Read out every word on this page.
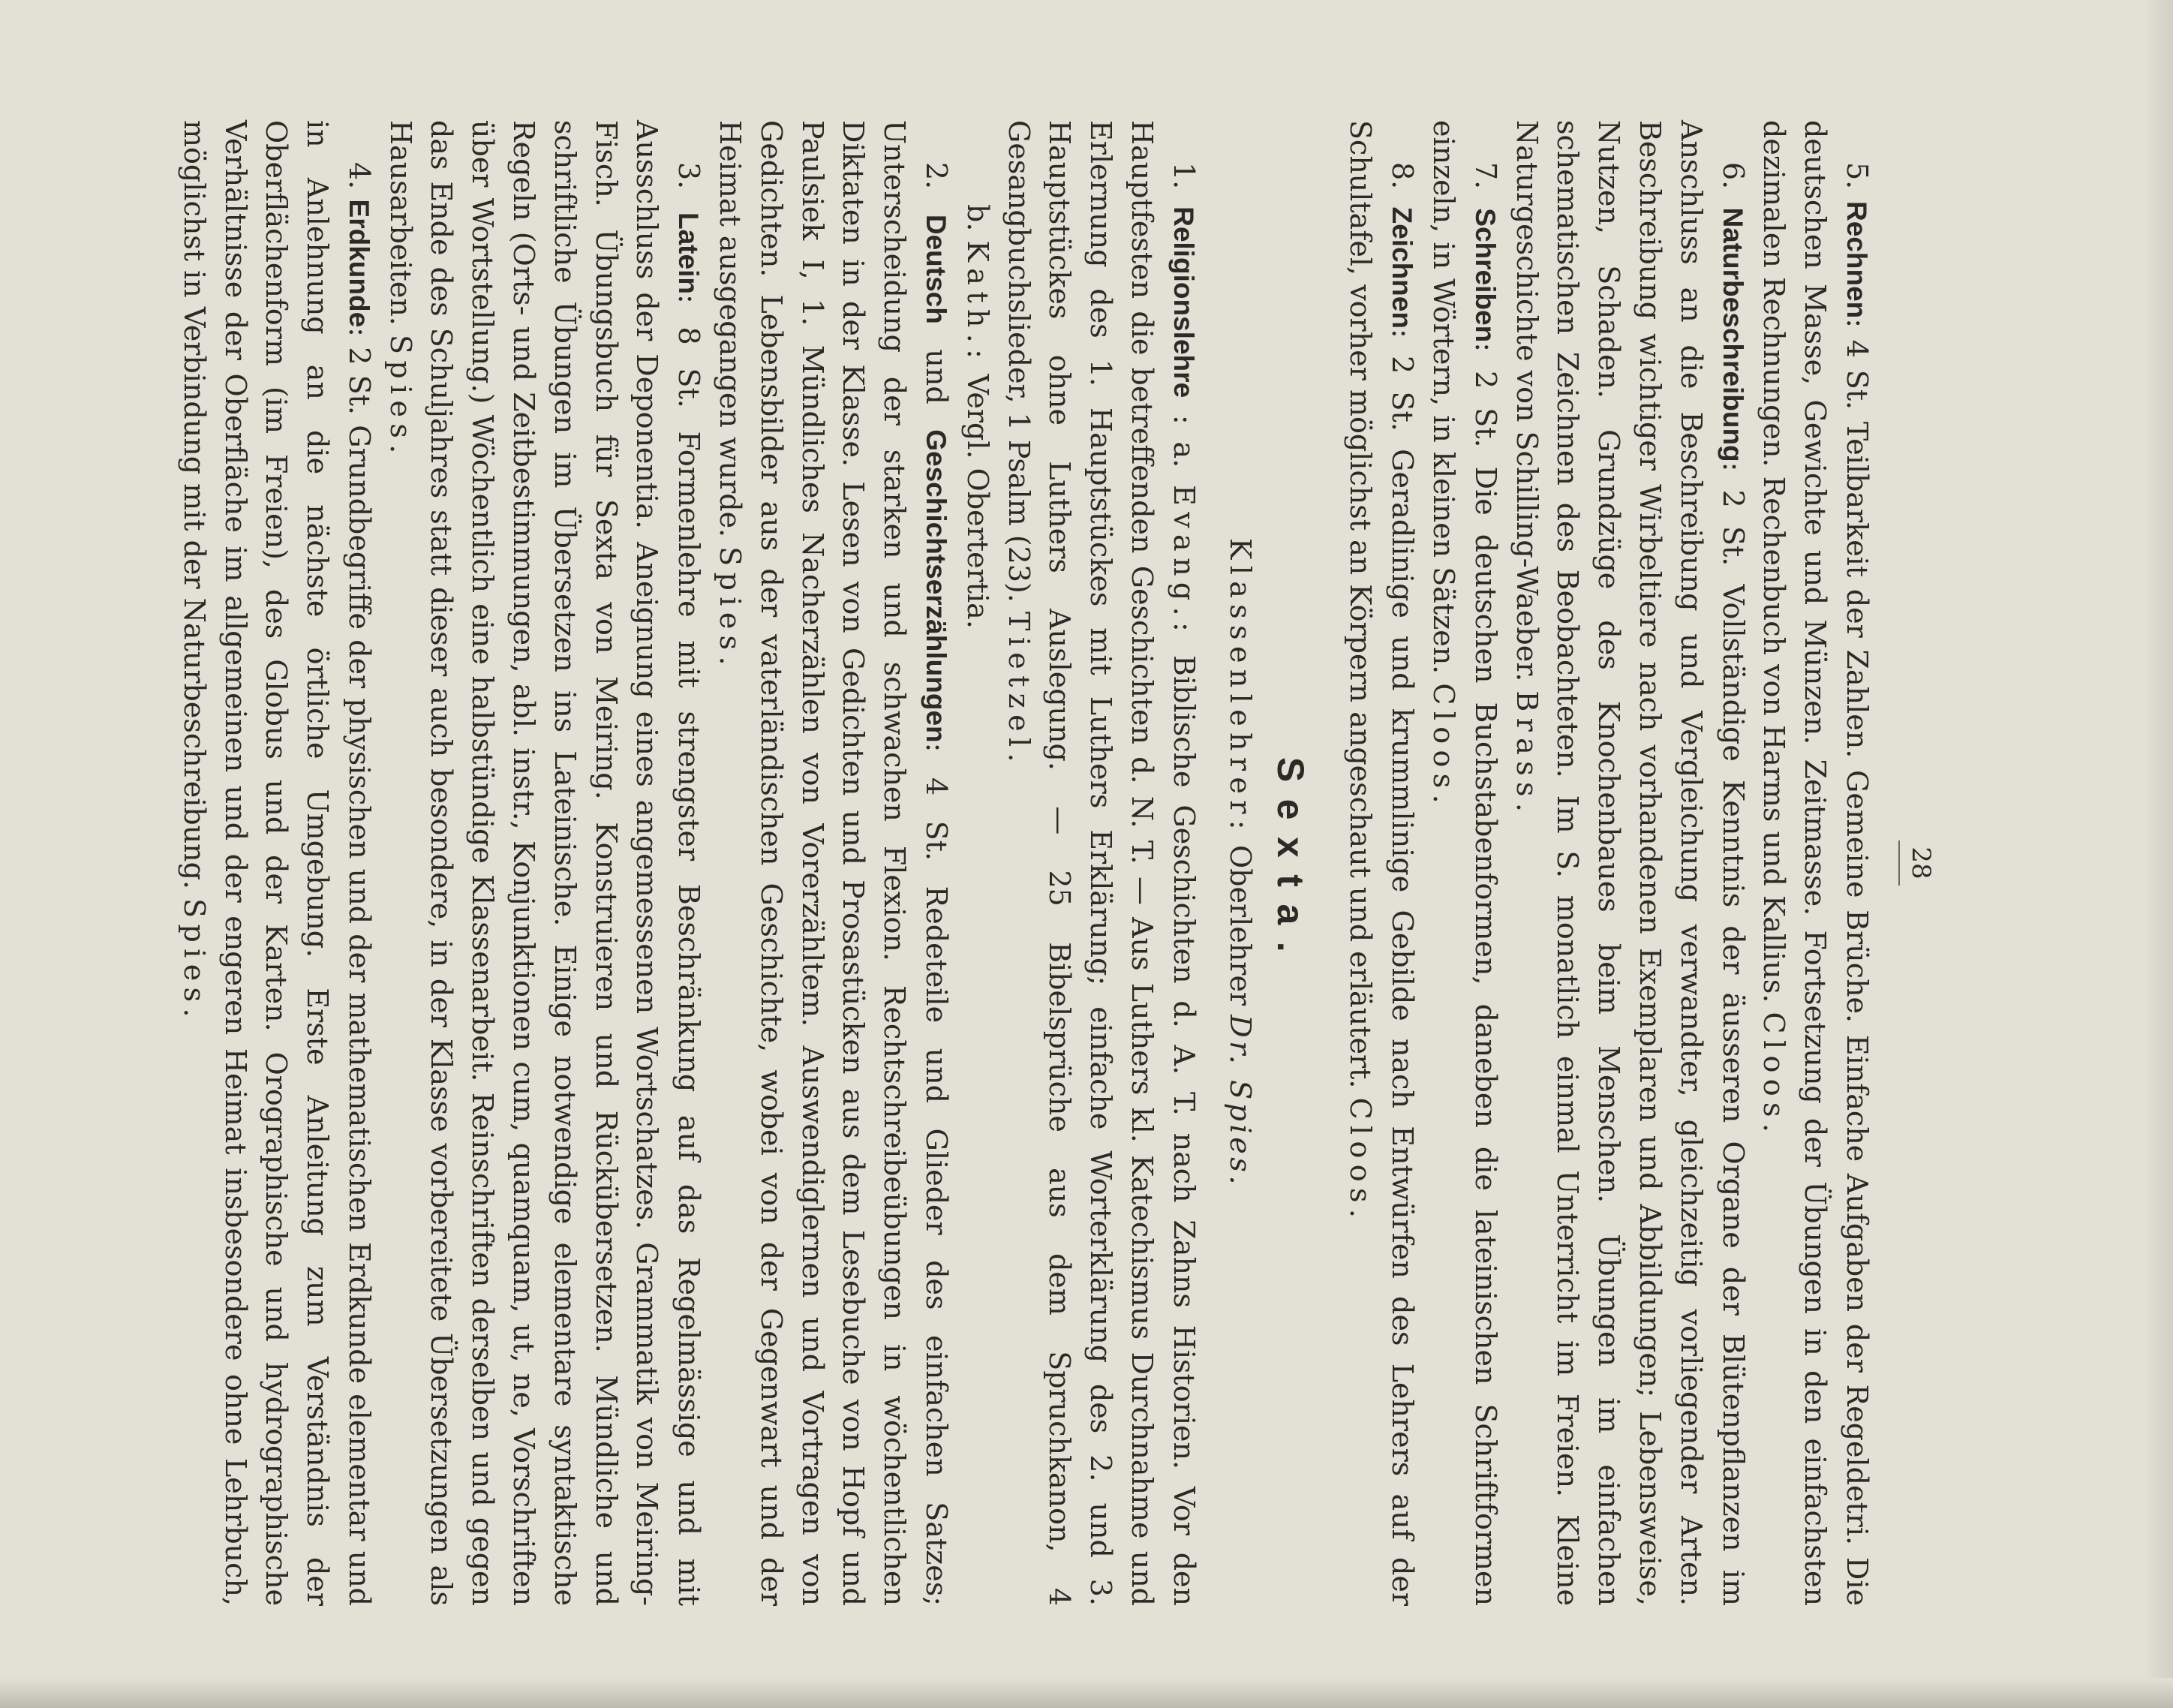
28

5. Rechnen: 4 St. Teilbarkeit der Zahlen. Gemeine Brüche. Einfache Aufgaben der Regeldetri. Die deutschen Masse, Gewichte und Münzen. Zeitmasse. Fortsetzung der Übungen in den einfachsten dezimalen Rechnungen. Rechenbuch von Harms und Kallius. Cloos.

6. Naturbeschreibung: 2 St. Vollständige Kenntnis der äusseren Organe der Blütenpflanzen im Anschluss an die Beschreibung und Vergleichung verwandter, gleichzeitig vorliegender Arten. Beschreibung wichtiger Wirbeltiere nach vorhandenen Exemplaren und Abbildungen; Lebensweise, Nutzen, Schaden. Grundzüge des Knochenbaues beim Menschen. Übungen im einfachen schematischen Zeichnen des Beobachteten. Im S. monatlich einmal Unterricht im Freien. Kleine Naturgeschichte von Schilling-Waeber. Brass.

7. Schreiben: 2 St. Die deutschen Buchstabenformen, daneben die lateinischen Schriftformen einzeln, in Wörtern, in kleinen Sätzen. Cloos.

8. Zeichnen: 2 St. Geradlinige und krummlinige Gebilde nach Entwürfen des Lehrers auf der Schultafel, vorher möglichst an Körpern angeschaut und erläutert. Cloos.

Sexta.
Klassenlehrer: Oberlehrer Dr. Spies.

1. Religionslehre : a. Evang.: Biblische Geschichten d. A. T. nach Zahns Historien. Vor den Hauptfesten die betreffenden Geschichten d. N. T. — Aus Luthers kl. Katechismus Durchnahme und Erlernung des 1. Hauptstückes mit Luthers Erklärung; einfache Worterklärung des 2. und 3. Hauptstückes ohne Luthers Auslegung. — 25 Bibelsprüche aus dem Spruchkanon, 4 Gesangbuchslieder, 1 Psalm (23). Tietzel.

b. Kath.: Vergl. Obertertia.

2. Deutsch und Geschichtserzählungen: 4 St. Redeteile und Glieder des einfachen Satzes; Unterscheidung der starken und schwachen Flexion. Rechtschreibeübungen in wöchentlichen Diktaten in der Klasse. Lesen von Gedichten und Prosastücken aus dem Lesebuche von Hopf und Paulsiek I, 1. Mündliches Nacherzählen von Vorerzähltem. Auswendiglernen und Vortragen von Gedichten. Lebensbilder aus der vaterländischen Geschichte, wobei von der Gegenwart und der Heimat ausgegangen wurde. Spies.

3. Latein: 8 St. Formenlehre mit strengster Beschränkung auf das Regelmässige und mit Ausschluss der Deponentia. Aneignung eines angemessenen Wortschatzes. Grammatik von Meiring-Fisch. Übungsbuch für Sexta von Meiring. Konstruieren und Rückübersetzen. Mündliche und schriftliche Übungen im Übersetzen ins Lateinische. Einige notwendige elementare syntaktische Regeln (Orts- und Zeitbestimmungen, abl. instr., Konjunktionen cum, quamquam, ut, ne, Vorschriften über Wortstellung.) Wöchentlich eine halbstündige Klassenarbeit. Reinschriften derselben und gegen das Ende des Schuljahres statt dieser auch besondere, in der Klasse vorbereitete Übersetzungen als Hausarbeiten. Spies.

4. Erdkunde: 2 St. Grundbegriffe der physischen und der mathematischen Erdkunde elementar und in Anlehnung an die nächste örtliche Umgebung. Erste Anleitung zum Verständnis der Oberflächenform (im Freien), des Globus und der Karten. Orographische und hydrographische Verhältnisse der Oberfläche im allgemeinen und der engeren Heimat insbesondere ohne Lehrbuch, möglichst in Verbindung mit der Naturbeschreibung. Spies.
